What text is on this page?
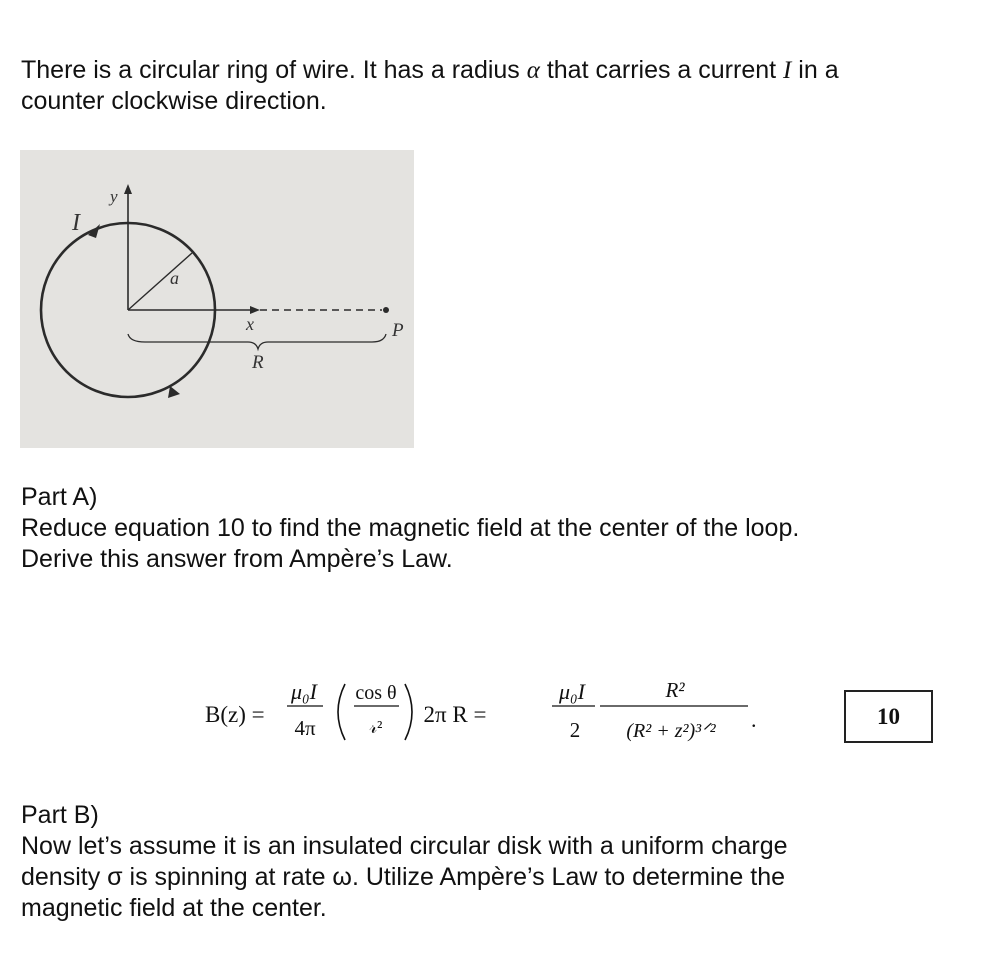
There is a circular ring of wire. It has a radius α that carries a current I in a
counter clockwise direction.

I
y
a
x	P
R
Part A)
Reduce equation 10 to find the magnetic field at the center of the loop.
Derive this answer from Ampère’s Law.
B(z) =
μ₀I
4π
cos θ
𝓇² 2π R =
μ₀I
2
R²
(R² + z²)³ᐟ² .	10
Part B)
Now let’s assume it is an insulated circular disk with a uniform charge
density σ is spinning at rate ω. Utilize Ampère’s Law to determine the
magnetic field at the center.
